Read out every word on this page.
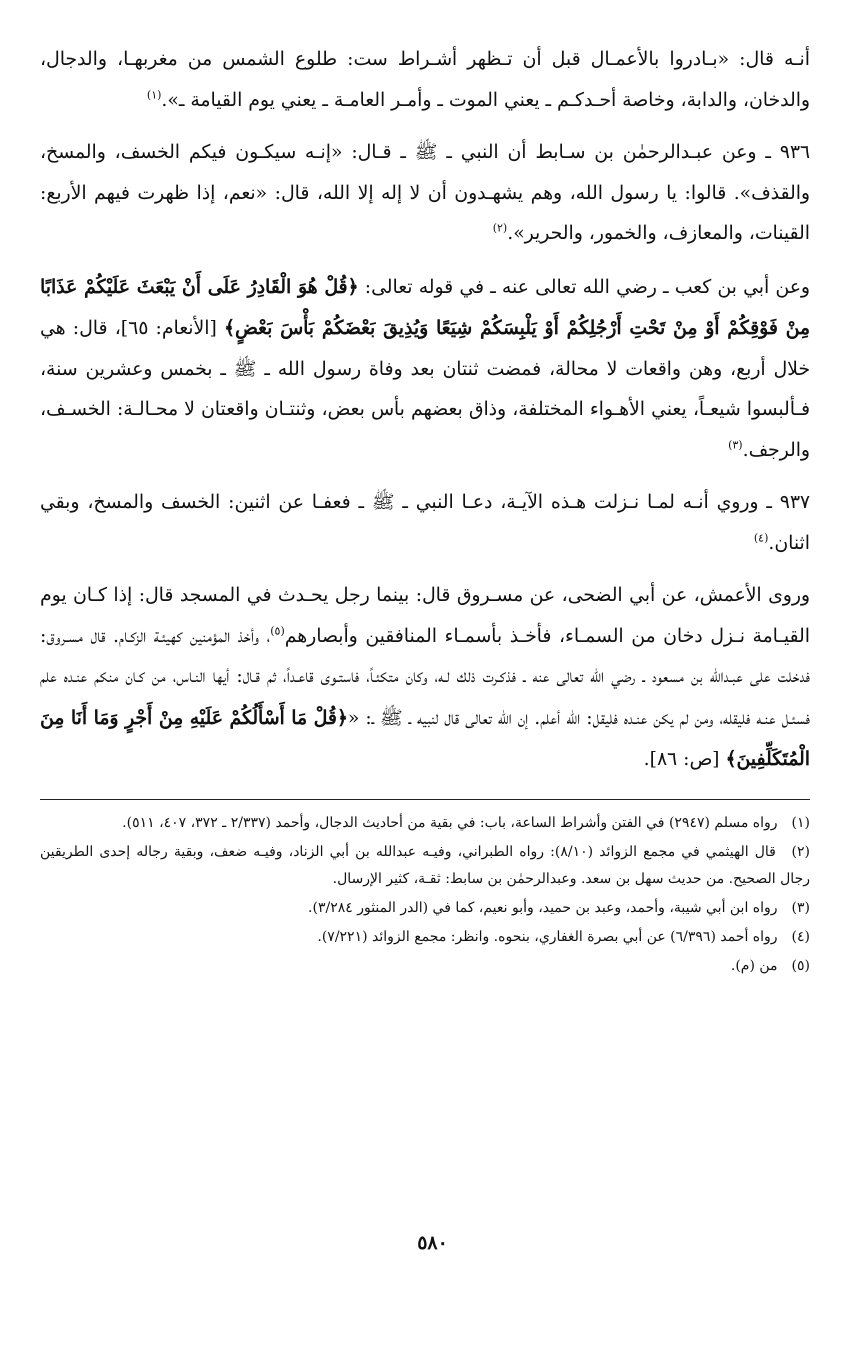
أنـه قال: «بـادروا بالأعمـال قبل أن تـظهر أشـراط ست: طلوع الشمس من مغربهـا، والدجال، والدخان، والدابة، وخاصة أحـدكـم ـ يعني الموت ـ وأمـر العامـة ـ يعني يوم القيامة ـ».$^{(١)}$

٩٣٦ ـ وعن عبـدالرحمٰن بن سـابط أن النبي ـ ﷺ ـ قـال: «إنـه سيكـون فيكم الخسف، والمسخ، والقذف». قالوا: يا رسول الله، وهم يشهـدون أن لا إله إلا الله، قال: «نعم، إذا ظهرت فيهم الأربع: القينات، والمعازف، والخمور، والحرير».$^{(٢)}$

وعن أبي بن كعب ـ رضي الله تعالى عنه ـ في قوله تعالى: ﴿قُلْ هُوَ الْقَادِرُ عَلَى أَنْ يَبْعَثَ عَلَيْكُمْ عَذَابًا مِنْ فَوْقِكُمْ أَوْ مِنْ تَحْتِ أَرْجُلِكُمْ أَوْ يَلْبِسَكُمْ شِيَعًا وَيُذِيقَ بَعْضَكُمْ بَأْسَ بَعْضٍ﴾ [الأنعام: ٦٥]، قال: هي خلال أربع، وهن واقعات لا محالة، فمضت ثنتان بعد وفاة رسول الله ـ ﷺ ـ بخمس وعشرين سنة، فـألبسوا شيعـاً، يعني الأهـواء المختلفة، وذاق بعضهم بأس بعض، وثنتـان واقعتان لا محـالـة: الخسـف، والرجف.$^{(٣)}$

٩٣٧ ـ وروي أنـه لمـا نـزلت هـذه الآيـة، دعـا النبي ـ ﷺ ـ فعفـا عن اثنين: الخسف والمسخ، وبقي اثنان.$^{(٤)}$

وروى الأعمش، عن أبي الضحى، عن مسـروق قال: بينما رجل يحـدث في المسجد قال: إذا كـان يوم القيـامة نـزل دخان من السمـاء، فأخـذ بأسمـاء المنافقين وأبصارهم$^{(٥)}$، وأخذ المؤمنين كهيئـة الزكـام. قال مسـروق: فدخلت على عبـدالله بن مسعود ـ رضي الله تعالى عنه ـ فذكـرت ذلك لـه، وكان متكئـاً، فاستـوى قاعـداً، ثم قـال: أيها النـاس، من كـان منكم عنـده علم فسئـل عنـه فليقله، ومن لم يكن عنـده فليقل: الله أعلم. إن الله تعالى قال لنبيه ـ ﷺ ـ: «﴿قُلْ مَا أَسْأَلُكُمْ عَلَيْهِ مِنْ أَجْرٍ وَمَا أَنَا مِنَ الْمُتَكَلِّفِينَ﴾ [ص: ٨٦].

(١) رواه مسلم (٢٩٤٧) في الفتن وأشراط الساعة، باب: في بقية من أحاديث الدجال، وأحمد (٢/٣٣٧ ـ ٣٧٢، ٤٠٧، ٥١١).
(٢) قال الهيثمي في مجمع الزوائد (٨/١٠): رواه الطبراني، وفيـه عبدالله بن أبي الزناد، وفيـه ضعف، وبقية رجاله إحدى الطريقين رجال الصحيح. من حديث سهل بن سعد. وعبدالرحمٰن بن سابط: ثقـة، كثير الإرسال.
(٣) رواه ابن أبي شيبة، وأحمد، وعبد بن حميد، وأبو نعيم، كما في (الدر المنثور ٣/٢٨٤).
(٤) رواه أحمد (٦/٣٩٦) عن أبي بصرة الغفاري، بنحوه. وانظر: مجمع الزوائد (٧/٢٢١).
(٥) من (م).
٥٨٠
